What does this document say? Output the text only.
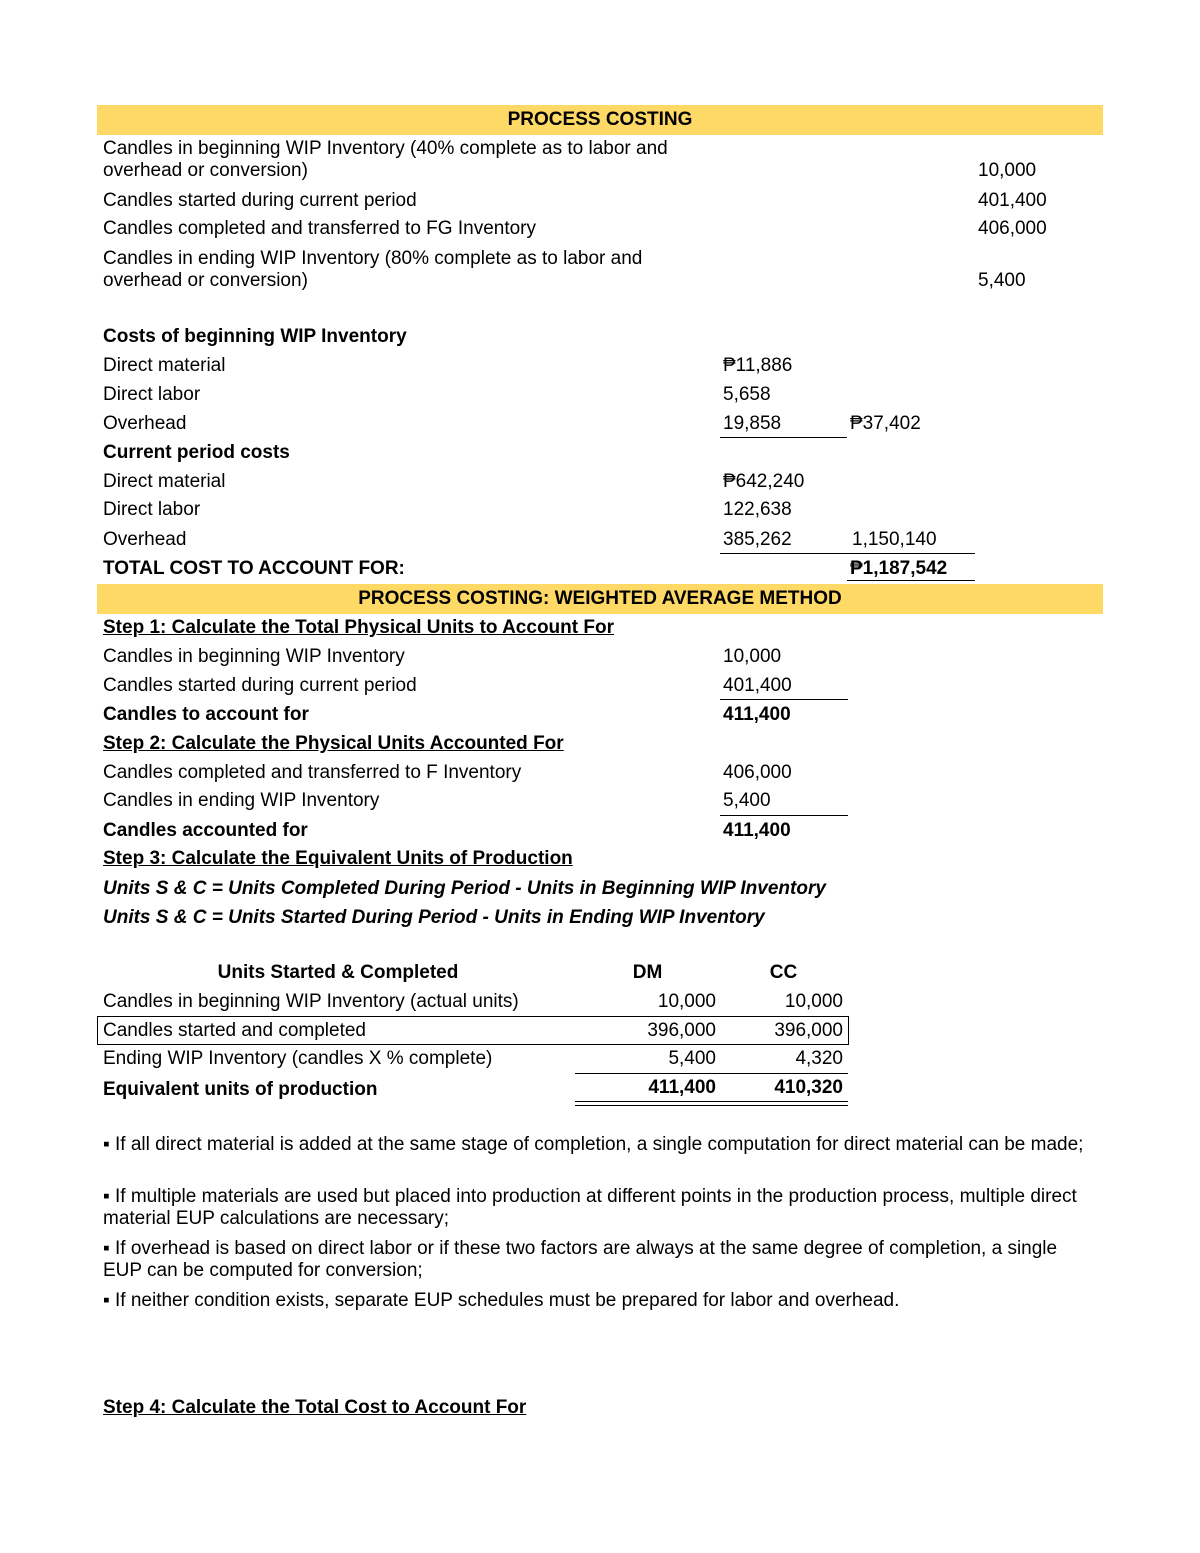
PROCESS COSTING
Candles in beginning WIP Inventory (40% complete as to labor and
overhead or conversion)	10,000
Candles started during current period	401,400
Candles completed and transferred to FG Inventory	406,000
Candles in ending WIP Inventory (80% complete as to labor and
overhead or conversion)	5,400
Costs of beginning WIP Inventory
Direct material	₱11,886
Direct labor	5,658
Overhead	19,858	₱37,402
Current period costs
Direct material	₱642,240
Direct labor	122,638
Overhead	385,262	1,150,140
TOTAL COST TO ACCOUNT FOR:	₱1,187,542
PROCESS COSTING: WEIGHTED AVERAGE METHOD
Step 1: Calculate the Total Physical Units to Account For
Candles in beginning WIP Inventory	10,000
Candles started during current period	401,400
Candles to account for	411,400
Step 2: Calculate the Physical Units Accounted For
Candles completed and transferred to F Inventory	406,000
Candles in ending WIP Inventory	5,400
Candles accounted for	411,400
Step 3: Calculate the Equivalent Units of Production
Units S & C = Units Completed During Period - Units in Beginning WIP Inventory
Units S & C = Units Started During Period - Units in Ending WIP Inventory
Units Started & Completed	DM	CC
Candles in beginning WIP Inventory (actual units)	10,000	10,000
Candles started and completed	396,000	396,000
Ending WIP Inventory (candles X % complete)	5,400	4,320
Equivalent units of production	411,400	410,320
▪ If all direct material is added at the same stage of completion, a single computation for direct material can be made;
▪ If multiple materials are used but placed into production at different points in the production process, multiple direct material EUP calculations are necessary;
▪ If overhead is based on direct labor or if these two factors are always at the same degree of completion, a single EUP can be computed for conversion;
▪ If neither condition exists, separate EUP schedules must be prepared for labor and overhead.
Step 4: Calculate the Total Cost to Account For
